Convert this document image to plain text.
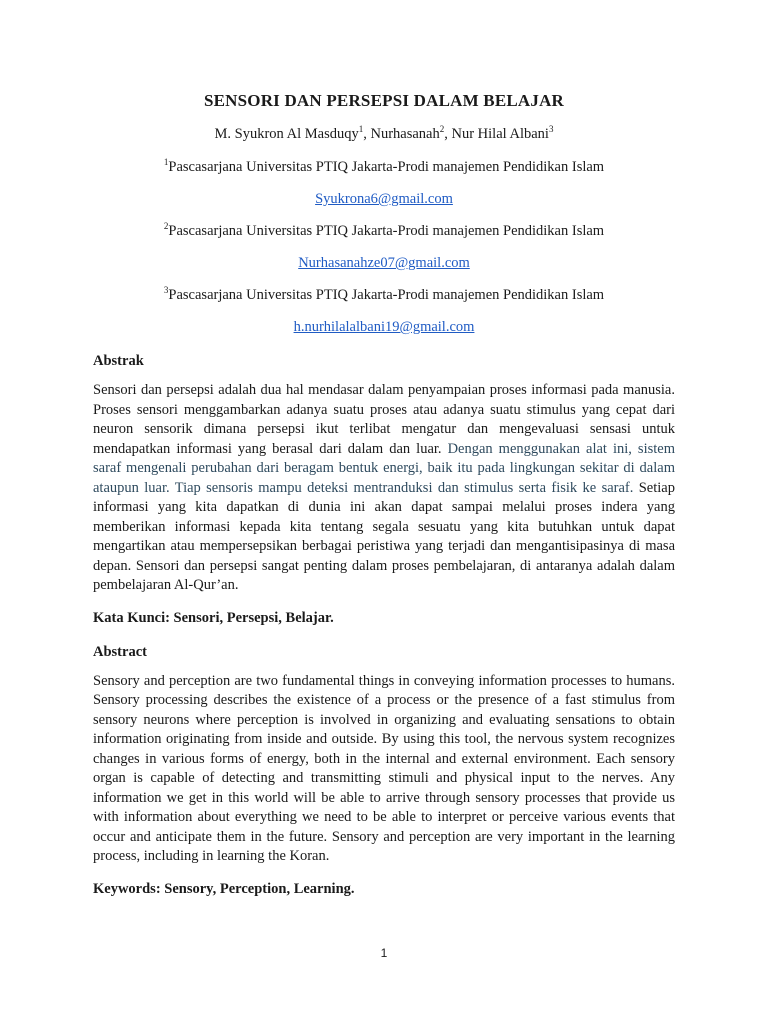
SENSORI DAN PERSEPSI DALAM BELAJAR
M. Syukron Al Masduqy$^1$, Nurhasanah$^2$, Nur Hilal Albani$^3$
$^1$Pascasarjana Universitas PTIQ Jakarta-Prodi manajemen Pendidikan Islam
Syukrona6@gmail.com
$^2$Pascasarjana Universitas PTIQ Jakarta-Prodi manajemen Pendidikan Islam
Nurhasanahze07@gmail.com
$^3$Pascasarjana Universitas PTIQ Jakarta-Prodi manajemen Pendidikan Islam
h.nurhilalalbani19@gmail.com
Abstrak
Sensori dan persepsi adalah dua hal mendasar dalam penyampaian proses informasi pada manusia. Proses sensori menggambarkan adanya suatu proses atau adanya suatu stimulus yang cepat dari neuron sensorik dimana persepsi ikut terlibat mengatur dan mengevaluasi sensasi untuk mendapatkan informasi yang berasal dari dalam dan luar. Dengan menggunakan alat ini, sistem saraf mengenali perubahan dari beragam bentuk energi, baik itu pada lingkungan sekitar di dalam ataupun luar. Tiap sensoris mampu deteksi mentranduksi dan stimulus serta fisik ke saraf. Setiap informasi yang kita dapatkan di dunia ini akan dapat sampai melalui proses indera yang memberikan informasi kepada kita tentang segala sesuatu yang kita butuhkan untuk dapat mengartikan atau mempersepsikan berbagai peristiwa yang terjadi dan mengantisipasinya di masa depan. Sensori dan persepsi sangat penting dalam proses pembelajaran, di antaranya adalah dalam pembelajaran Al-Qur’an.
Kata Kunci: Sensori, Persepsi, Belajar.
Abstract
Sensory and perception are two fundamental things in conveying information processes to humans. Sensory processing describes the existence of a process or the presence of a fast stimulus from sensory neurons where perception is involved in organizing and evaluating sensations to obtain information originating from inside and outside. By using this tool, the nervous system recognizes changes in various forms of energy, both in the internal and external environment. Each sensory organ is capable of detecting and transmitting stimuli and physical input to the nerves. Any information we get in this world will be able to arrive through sensory processes that provide us with information about everything we need to be able to interpret or perceive various events that occur and anticipate them in the future. Sensory and perception are very important in the learning process, including in learning the Koran.
Keywords: Sensory, Perception, Learning.
1
